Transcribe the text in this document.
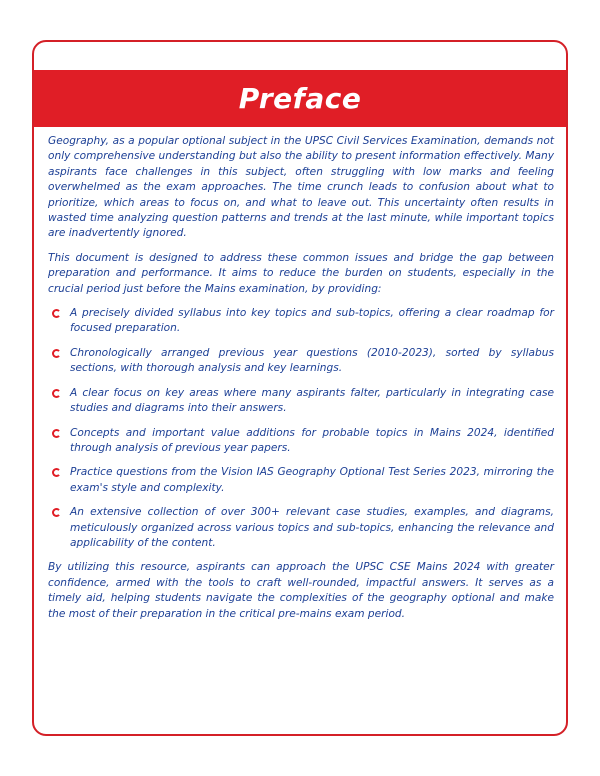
Preface

Geography, as a popular optional subject in the UPSC Civil Services Examination, demands not only comprehensive understanding but also the ability to present information effectively. Many aspirants face challenges in this subject, often struggling with low marks and feeling overwhelmed as the exam approaches. The time crunch leads to confusion about what to prioritize, which areas to focus on, and what to leave out. This uncertainty often results in wasted time analyzing question patterns and trends at the last minute, while important topics are inadvertently ignored.

This document is designed to address these common issues and bridge the gap between preparation and performance. It aims to reduce the burden on students, especially in the crucial period just before the Mains examination, by providing:

A precisely divided syllabus into key topics and sub-topics, offering a clear roadmap for focused preparation.
Chronologically arranged previous year questions (2010-2023), sorted by syllabus sections, with thorough analysis and key learnings.
A clear focus on key areas where many aspirants falter, particularly in integrating case studies and diagrams into their answers.
Concepts and important value additions for probable topics in Mains 2024, identified through analysis of previous year papers.
Practice questions from the Vision IAS Geography Optional Test Series 2023, mirroring the exam's style and complexity.
An extensive collection of over 300+ relevant case studies, examples, and diagrams, meticulously organized across various topics and sub-topics, enhancing the relevance and applicability of the content.

By utilizing this resource, aspirants can approach the UPSC CSE Mains 2024 with greater confidence, armed with the tools to craft well-rounded, impactful answers. It serves as a timely aid, helping students navigate the complexities of the geography optional and make the most of their preparation in the critical pre-mains exam period.
